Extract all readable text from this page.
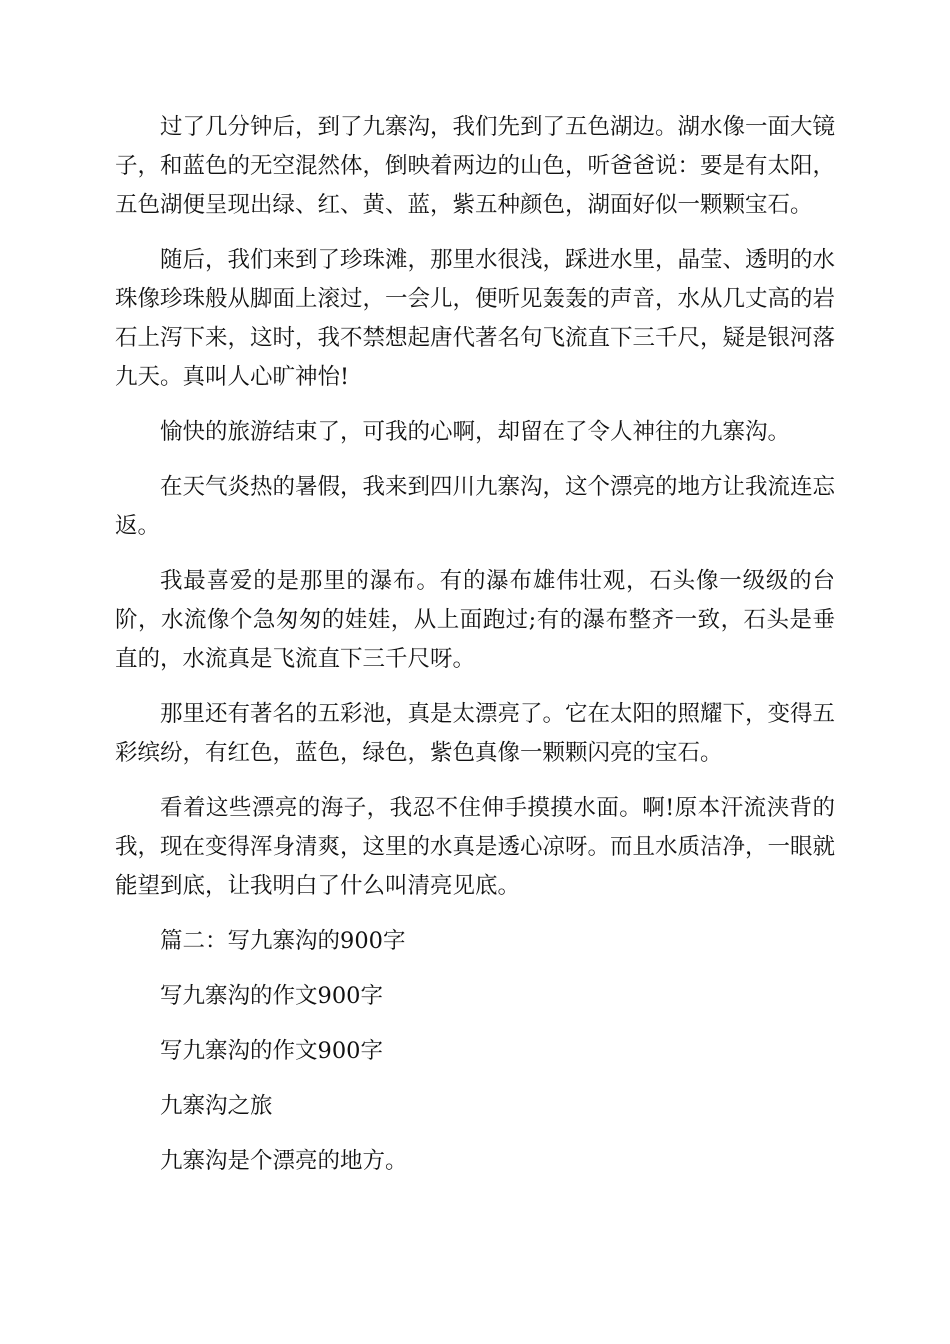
过了几分钟后，到了九寨沟，我们先到了五色湖边。湖水像一面大镜子，和蓝色的无空混然体，倒映着两边的山色，听爸爸说：要是有太阳，五色湖便呈现出绿、红、黄、蓝，紫五种颜色，湖面好似一颗颗宝石。

随后，我们来到了珍珠滩，那里水很浅，踩进水里，晶莹、透明的水珠像珍珠般从脚面上滚过，一会儿，便听见轰轰的声音，水从几丈高的岩石上泻下来，这时，我不禁想起唐代著名句飞流直下三千尺，疑是银河落九天。真叫人心旷神怡!

愉快的旅游结束了，可我的心啊，却留在了令人神往的九寨沟。

在天气炎热的暑假，我来到四川九寨沟，这个漂亮的地方让我流连忘返。

我最喜爱的是那里的瀑布。有的瀑布雄伟壮观，石头像一级级的台阶，水流像个急匆匆的娃娃，从上面跑过;有的瀑布整齐一致，石头是垂直的，水流真是飞流直下三千尺呀。

那里还有著名的五彩池，真是太漂亮了。它在太阳的照耀下，变得五彩缤纷，有红色，蓝色，绿色，紫色真像一颗颗闪亮的宝石。

看着这些漂亮的海子，我忍不住伸手摸摸水面。啊!原本汗流浃背的我，现在变得浑身清爽，这里的水真是透心凉呀。而且水质洁净，一眼就能望到底，让我明白了什么叫清亮见底。

篇二：写九寨沟的900字

写九寨沟的作文900字

写九寨沟的作文900字

九寨沟之旅

九寨沟是个漂亮的地方。
